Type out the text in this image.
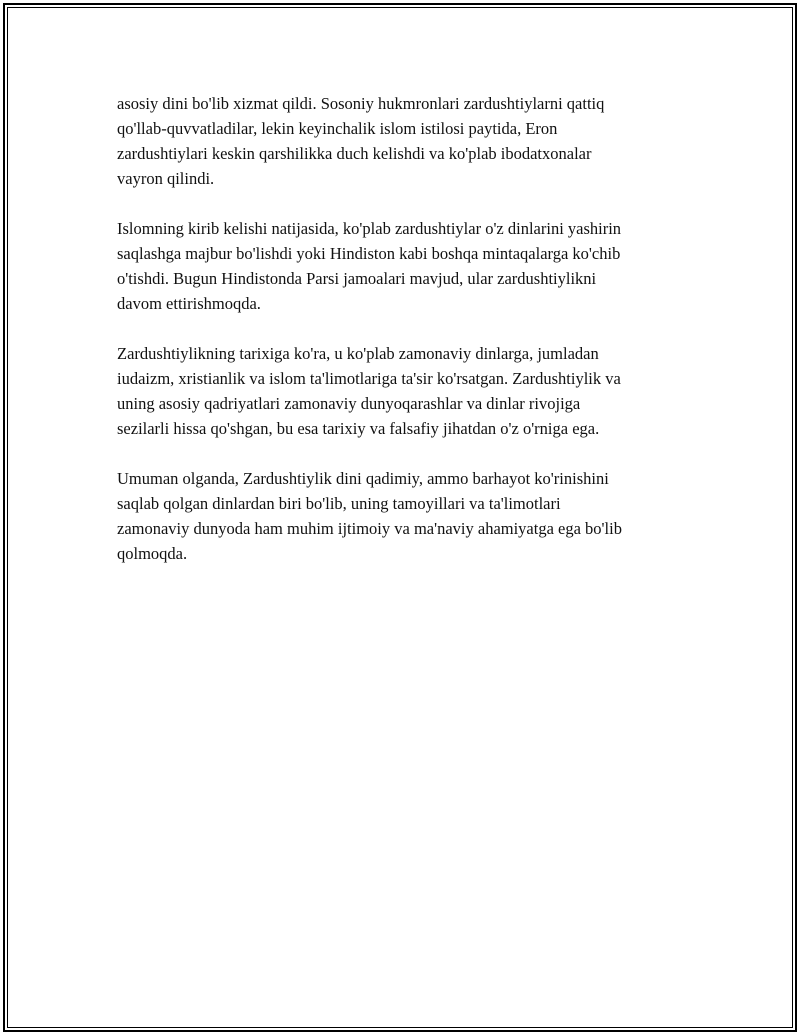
asosiy dini bo'lib xizmat qildi. Sosoniy hukmronlari zardushtiylarni qattiq
qo'llab-quvvatladilar, lekin keyinchalik islom istilosi paytida, Eron
zardushtiylari keskin qarshilikka duch kelishdi va ko'plab ibodatxonalar
vayron qilindi.

Islomning kirib kelishi natijasida, ko'plab zardushtiylar o'z dinlarini yashirin
saqlashga majbur bo'lishdi yoki Hindiston kabi boshqa mintaqalarga ko'chib
o'tishdi. Bugun Hindistonda Parsi jamoalari mavjud, ular zardushtiylikni
davom ettirishmoqda.

Zardushtiylikning tarixiga ko'ra, u ko'plab zamonaviy dinlarga, jumladan
iudaizm, xristianlik va islom ta'limotlariga ta'sir ko'rsatgan. Zardushtiylik va
uning asosiy qadriyatlari zamonaviy dunyoqarashlar va dinlar rivojiga
sezilarli hissa qo'shgan, bu esa tarixiy va falsafiy jihatdan o'z o'rniga ega.

Umuman olganda, Zardushtiylik dini qadimiy, ammo barhayot ko'rinishini
saqlab qolgan dinlardan biri bo'lib, uning tamoyillari va ta'limotlari
zamonaviy dunyoda ham muhim ijtimoiy va ma'naviy ahamiyatga ega bo'lib
qolmoqda.
